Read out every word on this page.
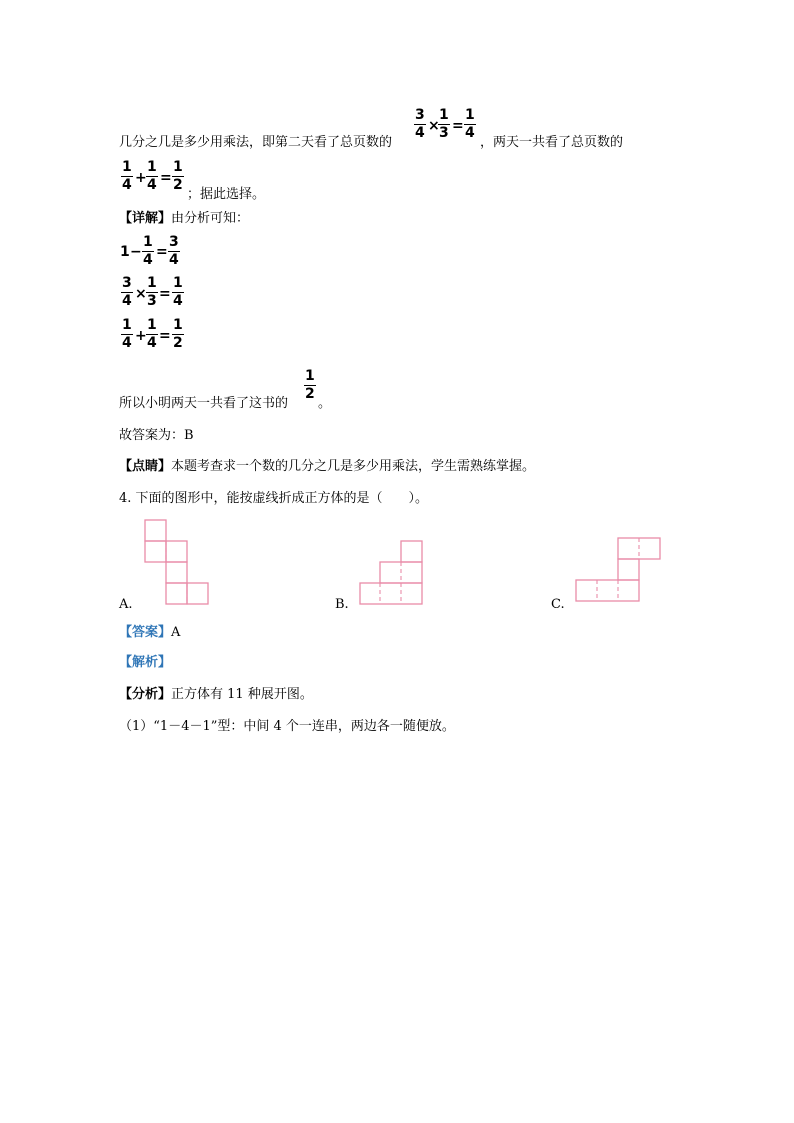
$\frac{3}{4}$ ×
$\frac{1}{3} = \frac{1}{4}$
几分之几是多少用乘法，即第二天看了总页数的	，两天一共看了总页数的
$\frac{1}{4} + \frac{1}{4} = \frac{1}{2}$
；据此选择。
【详解】由分析可知：
$1 - \frac{1}{4} = \frac{3}{4}$
$\frac{3}{4} \times \frac{1}{3} = \frac{1}{4}$
$\frac{1}{4} + \frac{1}{4} = \frac{1}{2}$
所以小明两天一共看了这书的
$\frac{1}{2}$
。
故答案为：B
【点睛】本题考查求一个数的几分之几是多少用乘法，学生需熟练掌握。
4. 下面的图形中，能按虚线折成正方体的是（　　）。
A.	B.	C.
【答案】A
【解析】
【分析】正方体有 11 种展开图。
（1）“1－4－1”型：中间 4 个一连串，两边各一随便放。
